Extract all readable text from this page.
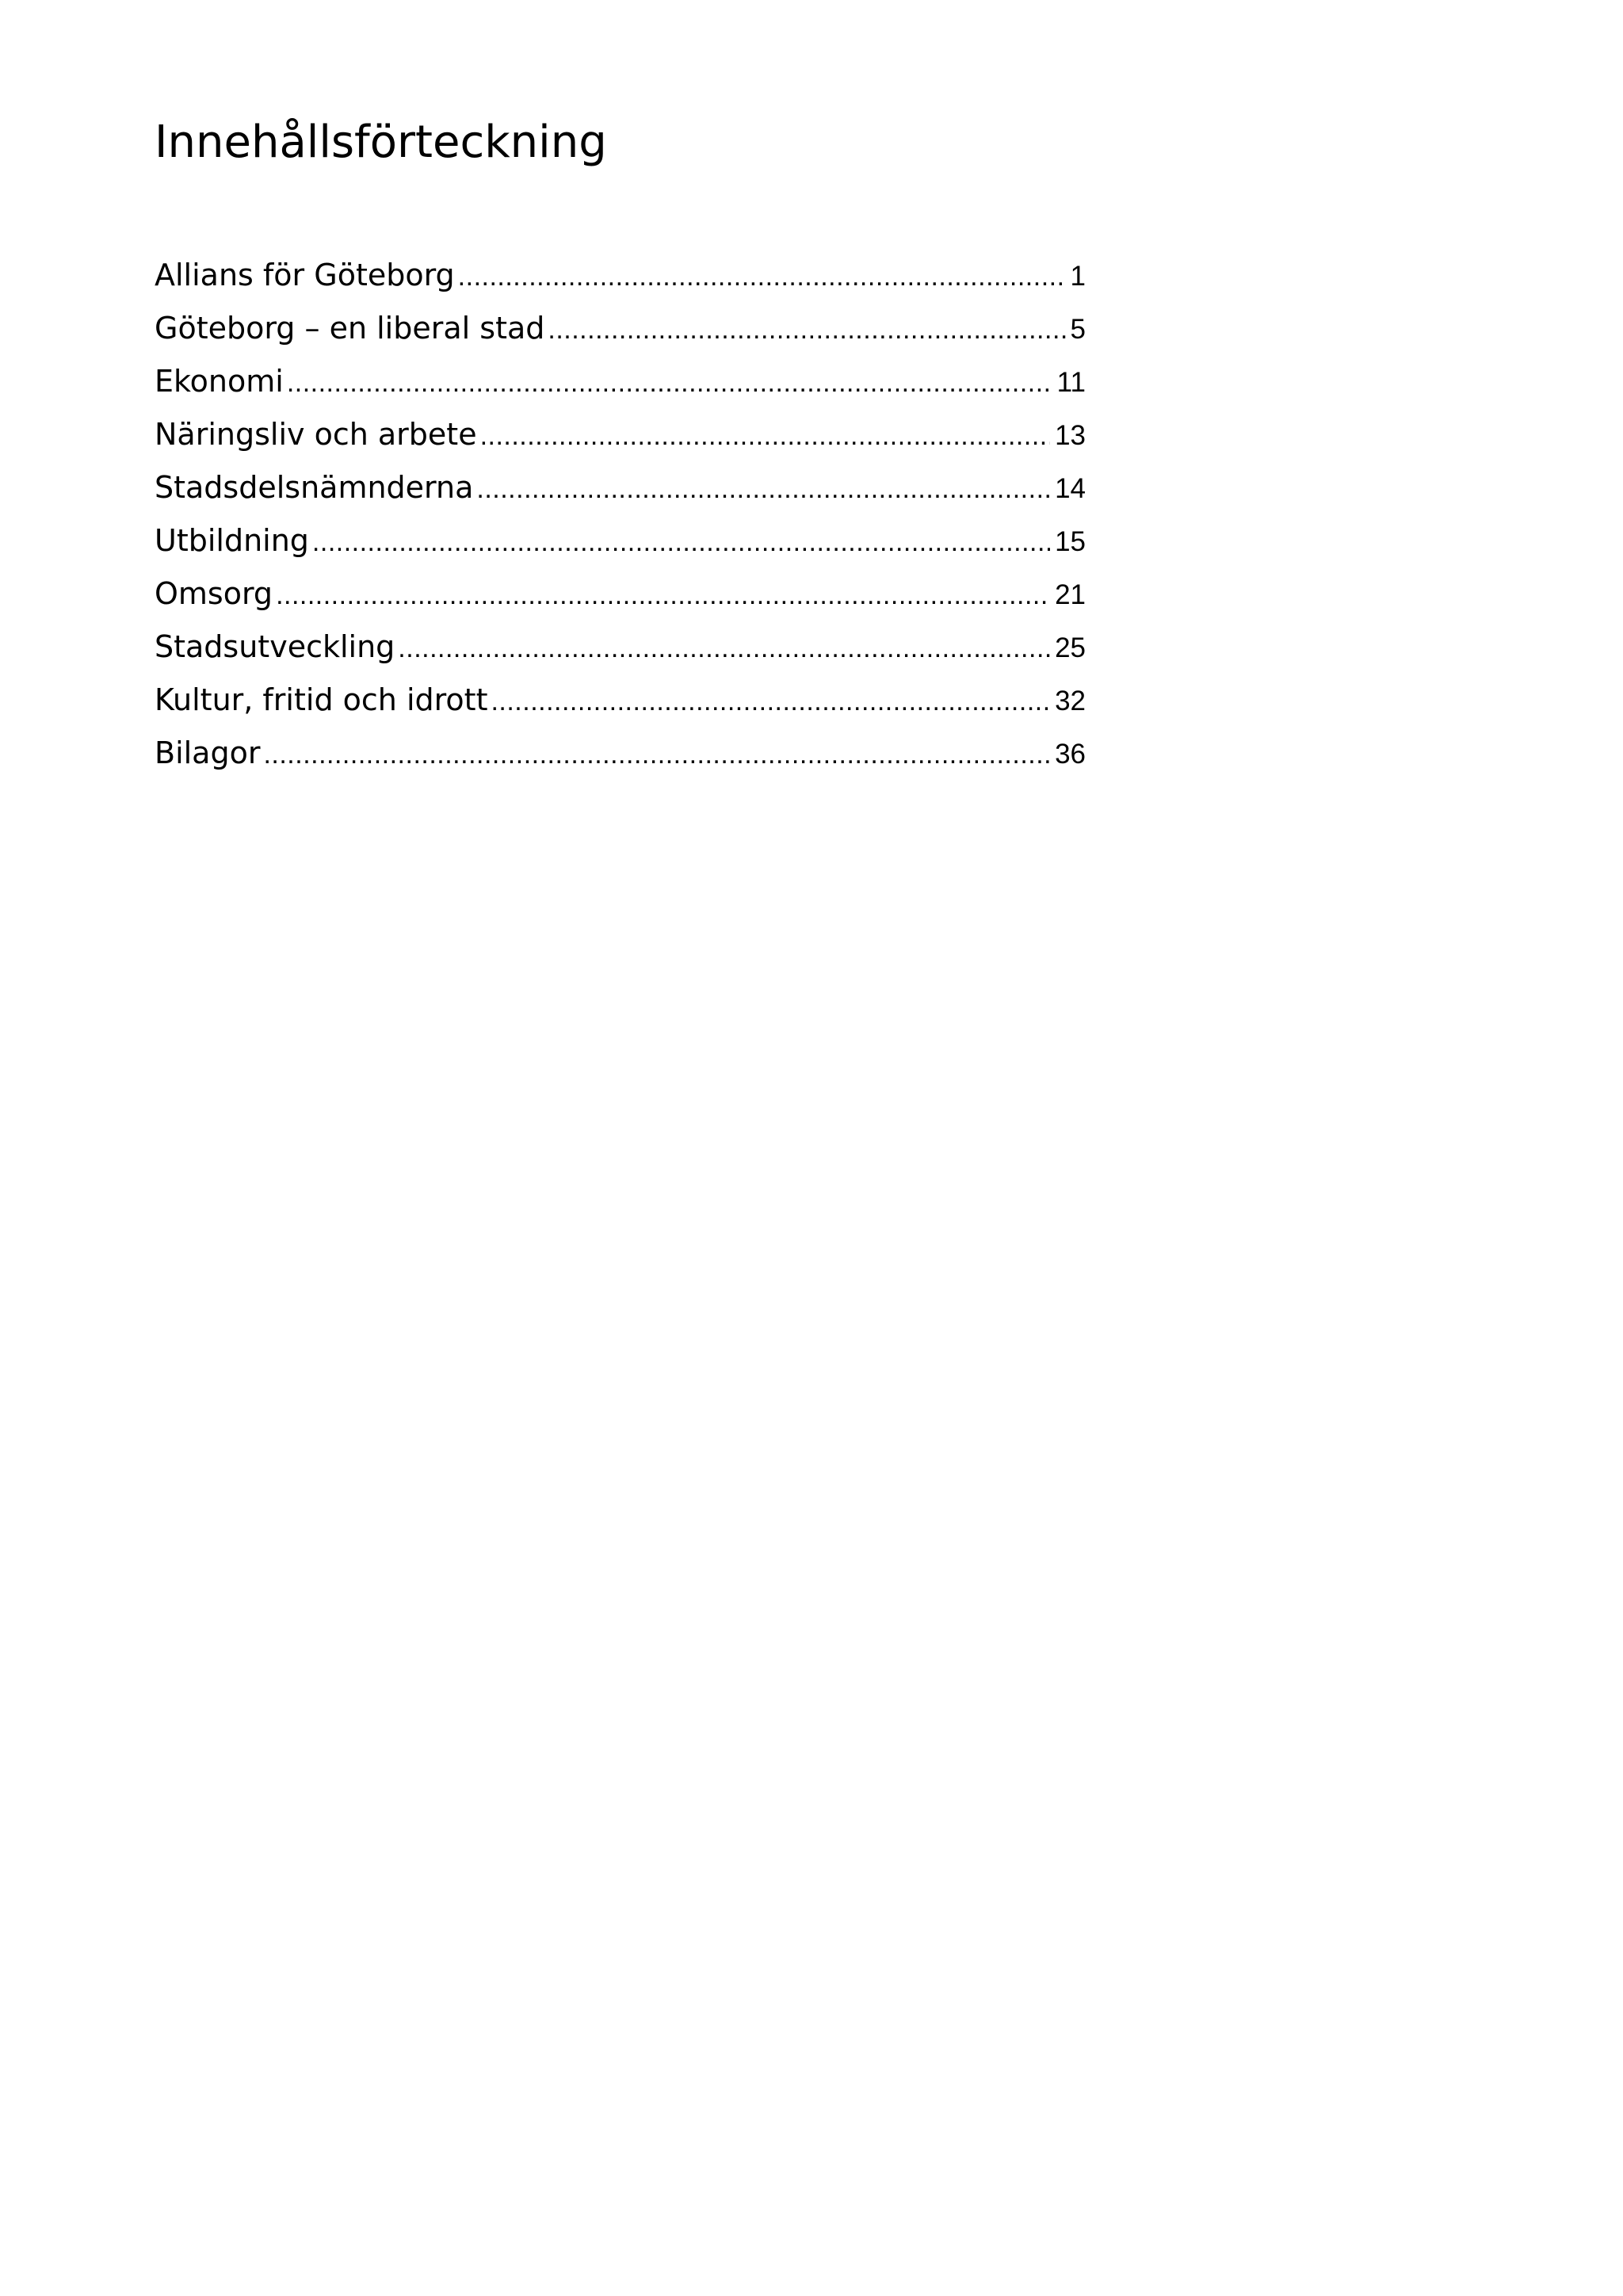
Innehållsförteckning
Allians för Göteborg .....	1
Göteborg – en liberal stad .....	5
Ekonomi .....	11
Näringsliv och arbete .....	13
Stadsdelsnämnderna .....	14
Utbildning .....	15
Omsorg .....	21
Stadsutveckling .....	25
Kultur, fritid och idrott .....	32
Bilagor .....	36
